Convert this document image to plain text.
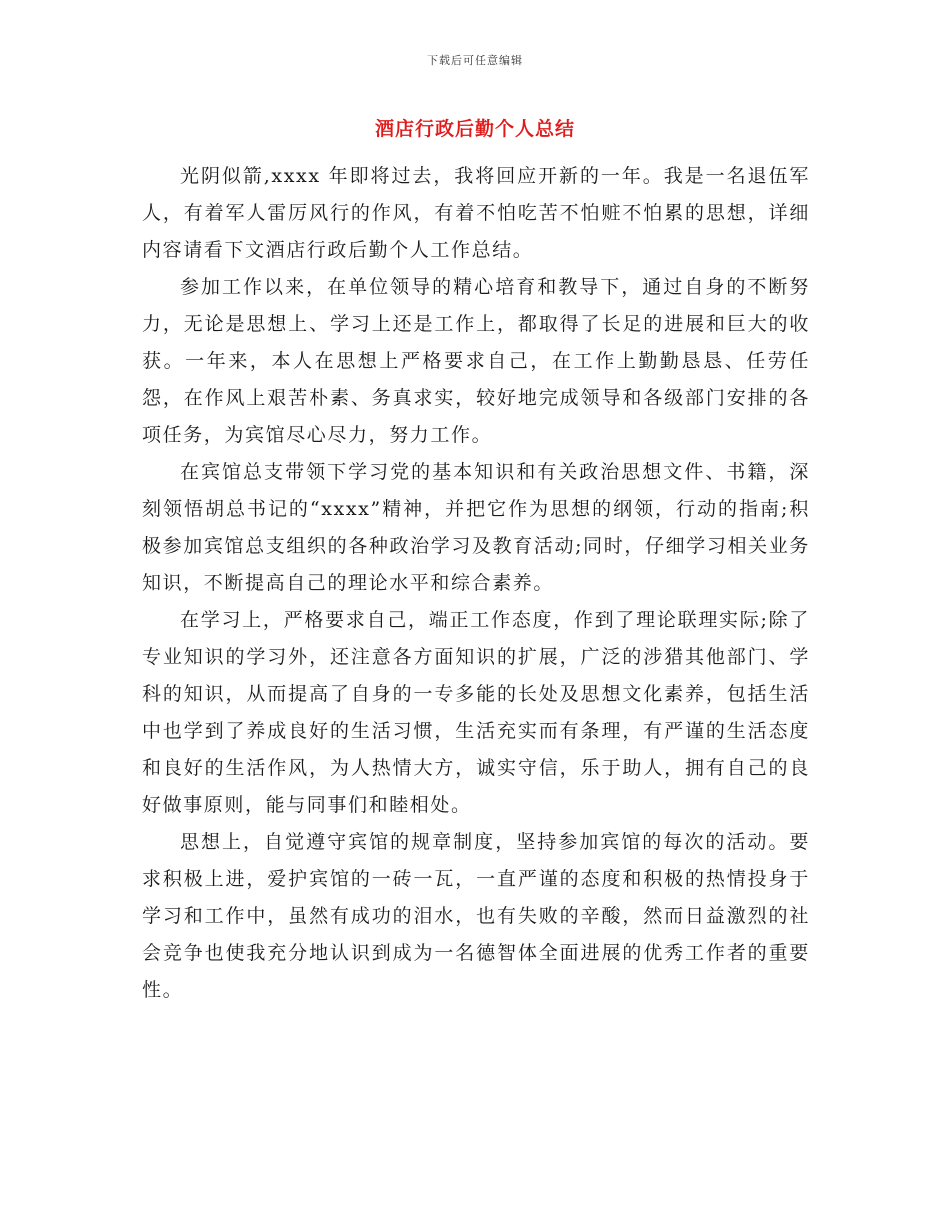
下载后可任意编辑
酒店行政后勤个人总结

光阴似箭,xxxx 年即将过去，我将回应开新的一年。我是一名退伍军人，有着军人雷厉风行的作风，有着不怕吃苦不怕赃不怕累的思想，详细内容请看下文酒店行政后勤个人工作总结。

参加工作以来，在单位领导的精心培育和教导下，通过自身的不断努力，无论是思想上、学习上还是工作上，都取得了长足的进展和巨大的收获。一年来，本人在思想上严格要求自己，在工作上勤勤恳恳、任劳任怨，在作风上艰苦朴素、务真求实，较好地完成领导和各级部门安排的各项任务，为宾馆尽心尽力，努力工作。

在宾馆总支带领下学习党的基本知识和有关政治思想文件、书籍，深刻领悟胡总书记的“xxxx”精神，并把它作为思想的纲领，行动的指南;积极参加宾馆总支组织的各种政治学习及教育活动;同时，仔细学习相关业务知识，不断提高自己的理论水平和综合素养。

在学习上，严格要求自己，端正工作态度，作到了理论联理实际;除了专业知识的学习外，还注意各方面知识的扩展，广泛的涉猎其他部门、学科的知识，从而提高了自身的一专多能的长处及思想文化素养，包括生活中也学到了养成良好的生活习惯，生活充实而有条理，有严谨的生活态度和良好的生活作风，为人热情大方，诚实守信，乐于助人，拥有自己的良好做事原则，能与同事们和睦相处。

思想上，自觉遵守宾馆的规章制度，坚持参加宾馆的每次的活动。要求积极上进，爱护宾馆的一砖一瓦，一直严谨的态度和积极的热情投身于学习和工作中，虽然有成功的泪水，也有失败的辛酸，然而日益激烈的社会竞争也使我充分地认识到成为一名德智体全面进展的优秀工作者的重要性。
